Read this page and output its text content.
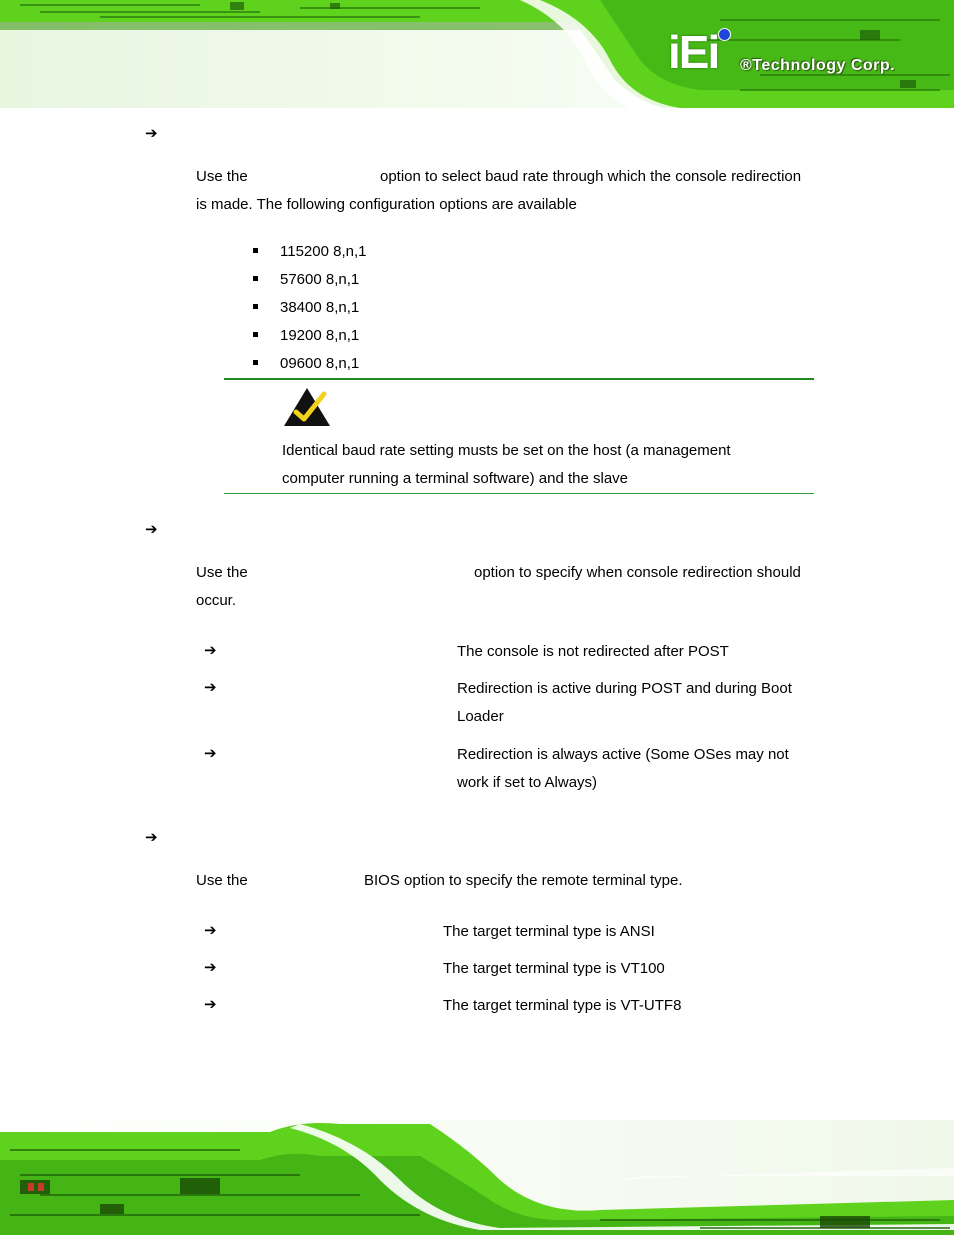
iEi	®Technology Corp.
➔
Use the	option to select baud rate through which the console redirection
is made. The following configuration options are available
115200 8,n,1
57600 8,n,1
38400 8,n,1
19200 8,n,1
09600 8,n,1
Identical baud rate setting musts be set on the host (a management
computer running a terminal software) and the slave
➔
Use the	option to specify when console redirection should
occur.
➔	The console is not redirected after POST
➔	Redirection is active during POST and during Boot
Loader
➔	Redirection is always active (Some OSes may not
work if set to Always)
➔
Use the	BIOS option to specify the remote terminal type.
➔	The target terminal type is ANSI
➔	The target terminal type is VT100
➔	The target terminal type is VT-UTF8
